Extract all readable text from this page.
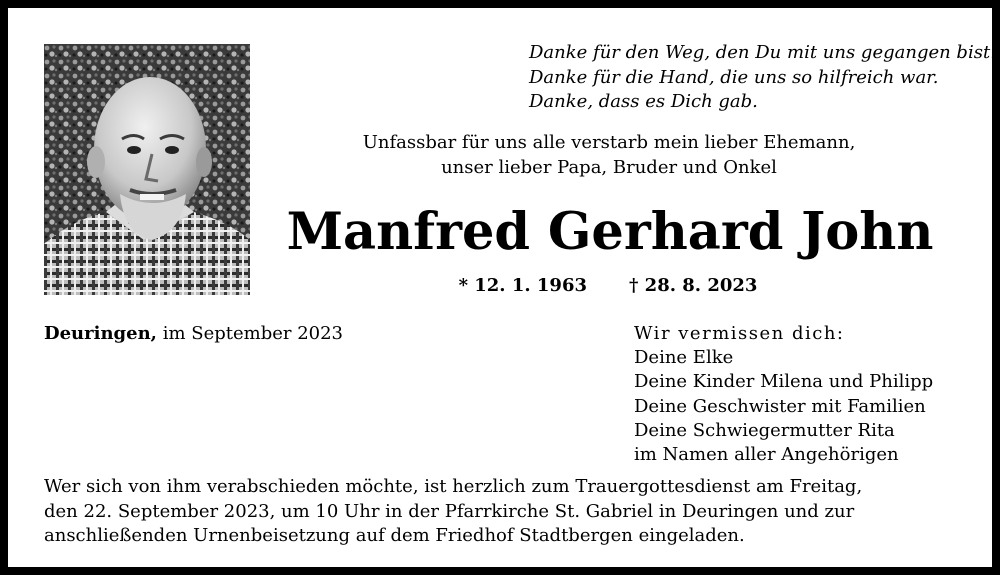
Danke für den Weg, den Du mit uns gegangen bist.
Danke für die Hand, die uns so hilfreich war.
Danke, dass es Dich gab.
Unfassbar für uns alle verstarb mein lieber Ehemann,
unser lieber Papa, Bruder und Onkel
Manfred Gerhard John
* 12. 1. 1963 † 28. 8. 2023
Deuringen, im September 2023	Wir vermissen dich:
Deine Elke
Deine Kinder Milena und Philipp
Deine Geschwister mit Familien
Deine Schwiegermutter Rita
im Namen aller Angehörigen
Wer sich von ihm verabschieden möchte, ist herzlich zum Trauergottesdienst am Freitag,
den 22. September 2023, um 10 Uhr in der Pfarrkirche St. Gabriel in Deuringen und zur
anschließenden Urnenbeisetzung auf dem Friedhof Stadtbergen eingeladen.
